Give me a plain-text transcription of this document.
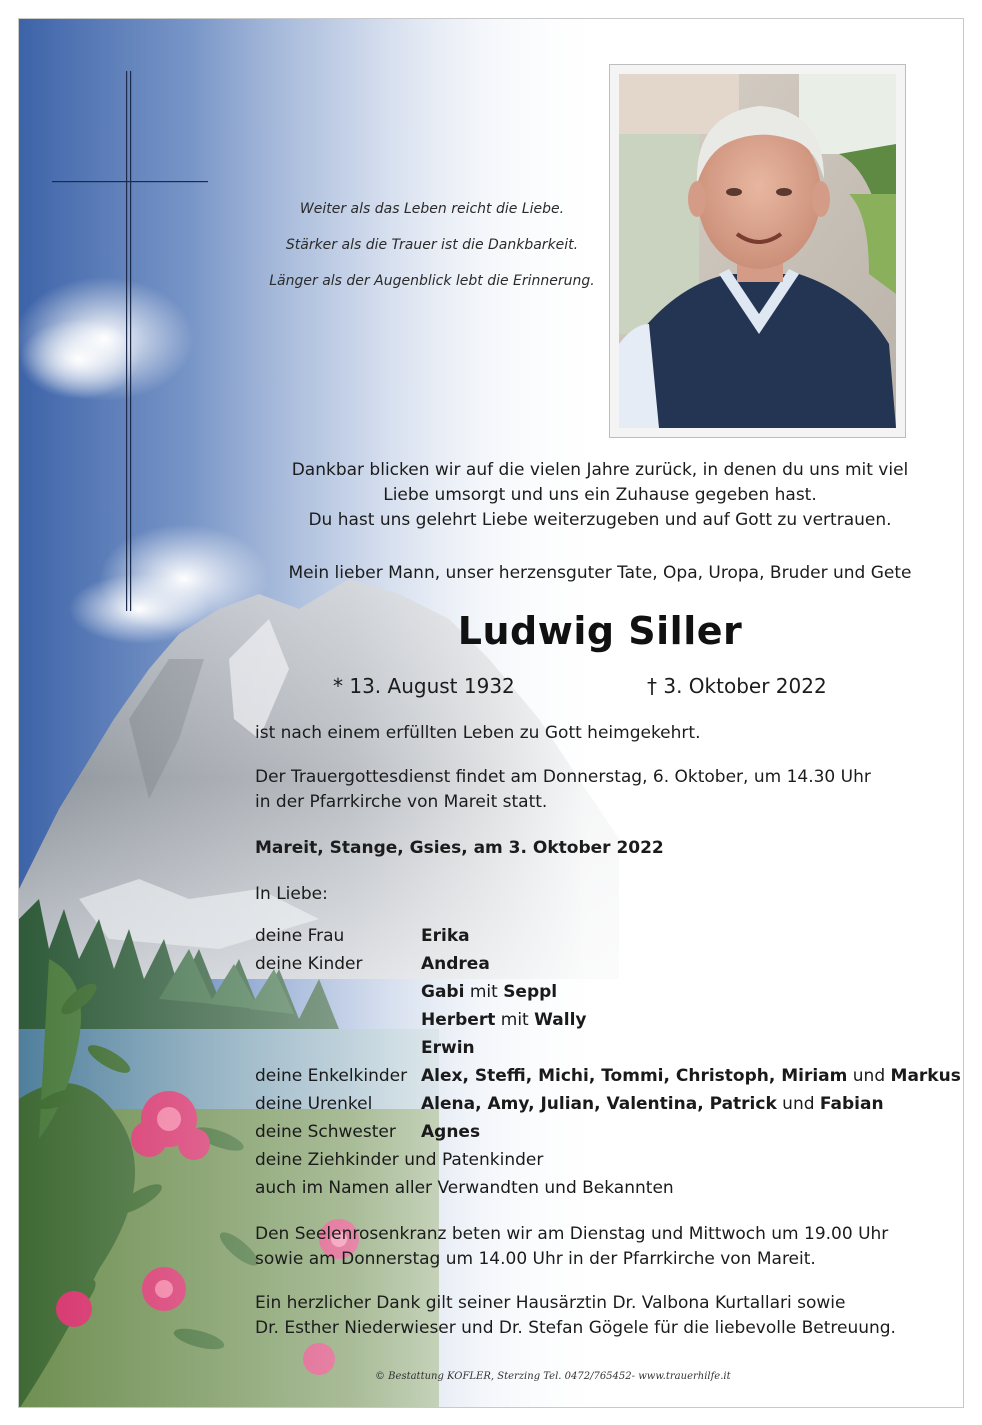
Weiter als das Leben reicht die Liebe.
Stärker als die Trauer ist die Dankbarkeit.
Länger als der Augenblick lebt die Erinnerung.

Dankbar blicken wir auf die vielen Jahre zurück, in denen du uns mit viel

Liebe umsorgt und uns ein Zuhause gegeben hast.

Du hast uns gelehrt Liebe weiterzugeben und auf Gott zu vertrauen.

Mein lieber Mann, unser herzensguter Tate, Opa, Uropa, Bruder und Gete
Ludwig Siller
* 13. August 1932	† 3. Oktober 2022
ist nach einem erfüllten Leben zu Gott heimgekehrt.
Der Trauergottesdienst findet am Donnerstag, 6. Oktober, um 14.30 Uhr
in der Pfarrkirche von Mareit statt.
Mareit, Stange, Gsies, am 3. Oktober 2022
In Liebe:
deine Frau	Erika
deine Kinder	Andrea
Gabi mit Seppl
Herbert mit Wally
Erwin
deine Enkelkinder Alex, Steffi, Michi, Tommi, Christoph, Miriam und Markus
deine Urenkel	Alena, Amy, Julian, Valentina, Patrick und Fabian
deine Schwester	Agnes
deine Ziehkinder und Patenkinder
auch im Namen aller Verwandten und Bekannten
Den Seelenrosenkranz beten wir am Dienstag und Mittwoch um 19.00 Uhr
sowie am Donnerstag um 14.00 Uhr in der Pfarrkirche von Mareit.
Ein herzlicher Dank gilt seiner Hausärztin Dr. Valbona Kurtallari sowie
Dr. Esther Niederwieser und Dr. Stefan Gögele für die liebevolle Betreuung.
© Bestattung KOFLER, Sterzing Tel. 0472/765452- www.trauerhilfe.it
